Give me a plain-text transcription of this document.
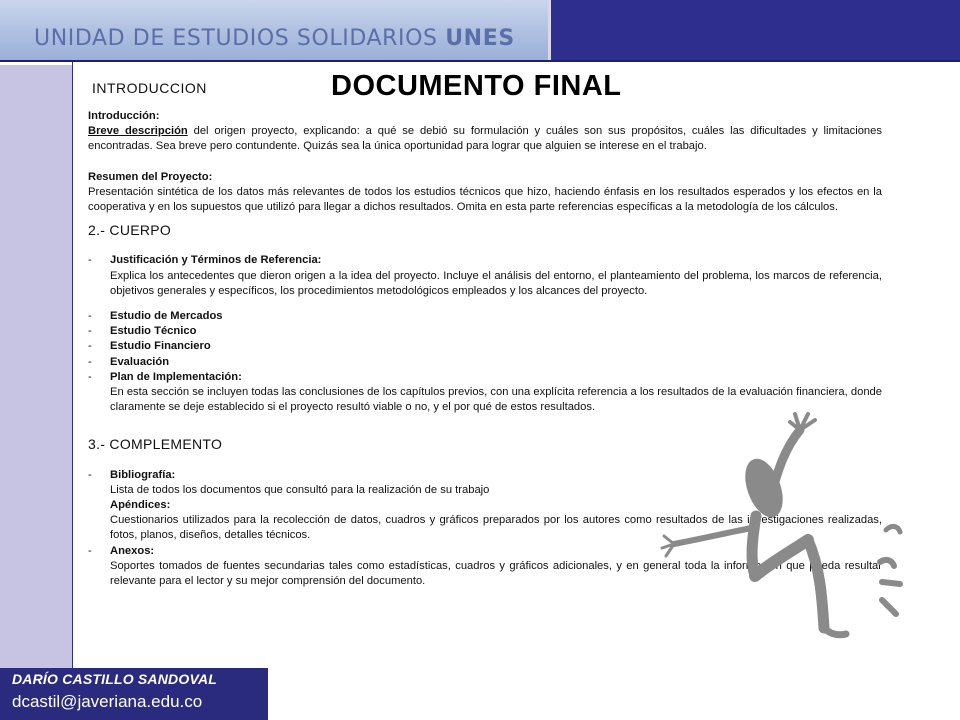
UNIDAD DE ESTUDIOS SOLIDARIOS UNES
INTRODUCCION	DOCUMENTO FINAL

Introducción:
Breve descripción del origen proyecto, explicando: a qué se debió su formulación y cuáles son sus propósitos, cuáles las dificultades y limitaciones encontradas. Sea breve pero contundente. Quizás sea la única oportunidad para lograr que alguien se interese en el trabajo.

Resumen del Proyecto:
Presentación sintética de los datos más relevantes de todos los estudios técnicos que hizo, haciendo énfasis en los resultados esperados y los efectos en la cooperativa y en los supuestos que utilizó para llegar a dichos resultados. Omita en esta parte referencias específicas a la metodología de los cálculos.

2.- CUERPO

- Justificación y Términos de Referencia:

Explica los antecedentes que dieron origen a la idea del proyecto. Incluye el análisis del entorno, el planteamiento del problema, los marcos de referencia, objetivos generales y específicos, los procedimientos metodológicos empleados y los alcances del proyecto.

- Estudio de Mercados
- Estudio Técnico
- Estudio Financiero
- Evaluación
- Plan de Implementación:

En esta sección se incluyen todas las conclusiones de los capítulos previos, con una explícita referencia a los resultados de la evaluación financiera, donde claramente se deje establecido si el proyecto resultó viable o no, y el por qué de estos resultados.

3.- COMPLEMENTO

- Bibliografía:

Lista de todos los documentos que consultó para la realización de su trabajo

Apéndices:

Cuestionarios utilizados para la recolección de datos, cuadros y gráficos preparados por los autores como resultados de las investigaciones realizadas, fotos, planos, diseños, detalles técnicos.

- Anexos:

Soportes tomados de fuentes secundarias tales como estadísticas, cuadros y gráficos adicionales, y en general toda la información que pueda resultar relevante para el lector y su mejor comprensión del documento.

DARÍO CASTILLO SANDOVAL
dcastil@javeriana.edu.co
